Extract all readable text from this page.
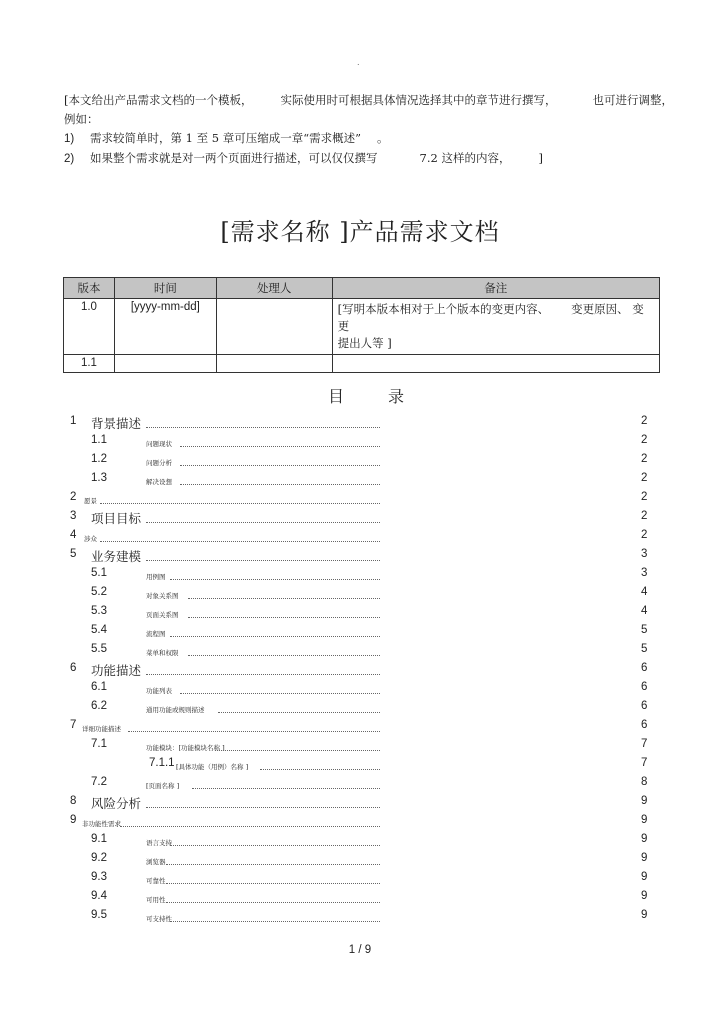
.

[本文给出产品需求文档的一个模板， 实际使用时可根据具体情况选择其中的章节进行撰写，	也可进行调整，

例如：

1) 需求较简单时，第 1 至 5 章可压缩成一章“需求概述” 。

2) 如果整个需求就是对一两个页面进行描述，可以仅仅撰写	7.2 这样的内容， ]

[需求名称 ]产品需求文档
版本	时间	处理人	备注
1.0	[yyyy-mm-dd]		[写明本版本相对于上个版本的变更内容、 变更原因、 变更
提出人等 ]
1.1			
目录
1 背景描述	2
1.1	问题现状	2
1.2	问题分析	2
1.3	解决设想	2
2 愿景	2
3 项目目标	2
4 涉众	2
5 业务建模	3
5.1	用例图	3
5.2	对象关系图	4
5.3	页面关系图	4
5.4	流程图	5
5.5	菜单和权限	5
6 功能描述	6
6.1	功能列表	6
6.2	通用功能或规则描述	6
7 详细功能描述	6
7.1	功能模块：[功能模块名称 ]	7
7.1.1 [具体功能（用例）名称 ]	7
7.2	[页面名称 ]	8
8 风险分析	9
9 非功能性需求	9
9.1	语言支持	9
9.2	浏览器	9
9.3	可靠性	9
9.4	可用性	9
9.5	可支持性	9
1 / 9
